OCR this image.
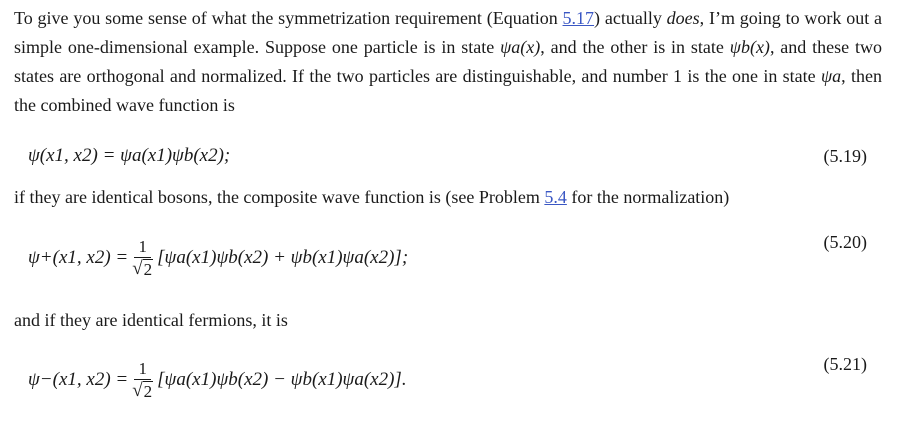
To give you some sense of what the symmetrization requirement (Equation 5.17) actually does, I’m going to work out a simple one-dimensional example. Suppose one particle is in state ψa(x), and the other is in state ψb(x), and these two states are orthogonal and normalized. If the two particles are distinguishable, and number 1 is the one in state ψa, then the combined wave function is

ψ(x1, x2) = ψa(x1)ψb(x2);	(5.19)

if they are identical bosons, the composite wave function is (see Problem 5.4 for the normalization)

ψ+(x1, $x2) = \frac{1}{√ 2} [\psi a(x1)\psi b(x2) + \psi b(x1)\psi a(x2)]$;
(5.20)

and if they are identical fermions, it is

ψ−(x1, $x2) = \frac{1}{√ 2} [\psi a(x1)\psi b(x2) - \psi b(x1)\psi a(x2)]$.
(5.21)
